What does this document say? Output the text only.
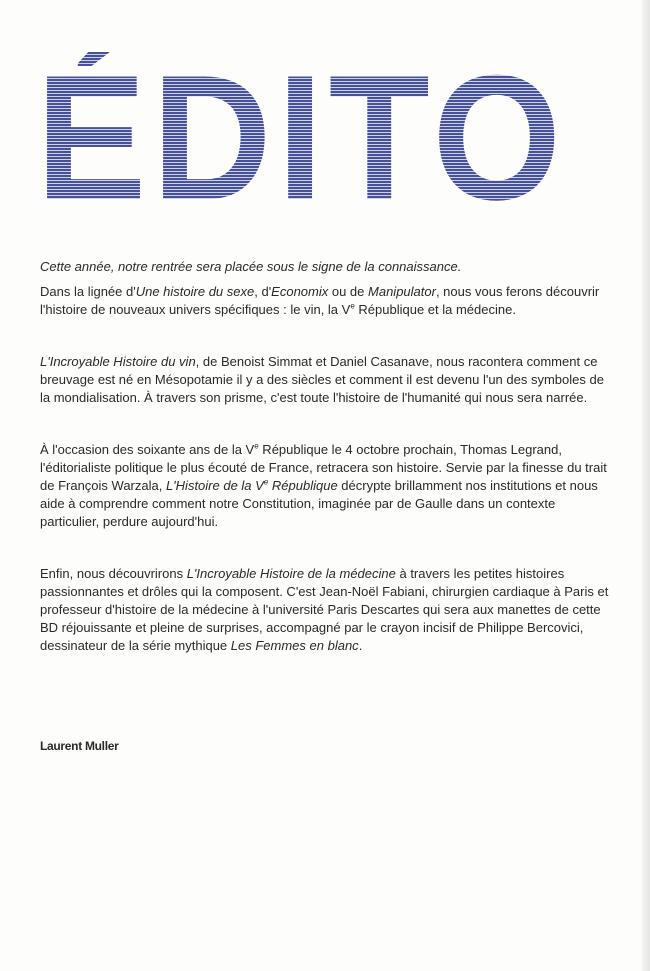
ÉDITO

Cette année, notre rentrée sera placée sous le signe de la connaissance.

Dans la lignée d'Une histoire du sexe, d'Economix ou de Manipulator, nous vous ferons découvrir l'histoire de nouveaux univers spécifiques : le vin, la Ve République et la médecine.

L'Incroyable Histoire du vin, de Benoist Simmat et Daniel Casanave, nous racontera comment ce breuvage est né en Mésopotamie il y a des siècles et comment il est devenu l'un des symboles de la mondialisation. À travers son prisme, c'est toute l'histoire de l'humanité qui nous sera narrée.

À l'occasion des soixante ans de la Ve République le 4 octobre prochain, Thomas Legrand, l'éditorialiste politique le plus écouté de France, retracera son histoire. Servie par la finesse du trait de François Warzala, L'Histoire de la Ve République décrypte brillamment nos institutions et nous aide à comprendre comment notre Constitution, imaginée par de Gaulle dans un contexte particulier, perdure aujourd'hui.

Enfin, nous découvrirons L'Incroyable Histoire de la médecine à travers les petites histoires passionnantes et drôles qui la composent. C'est Jean-Noël Fabiani, chirurgien cardiaque à Paris et professeur d'histoire de la médecine à l'université Paris Descartes qui sera aux manettes de cette BD réjouissante et pleine de surprises, accompagné par le crayon incisif de Philippe Bercovici, dessinateur de la série mythique Les Femmes en blanc.

Laurent Muller
